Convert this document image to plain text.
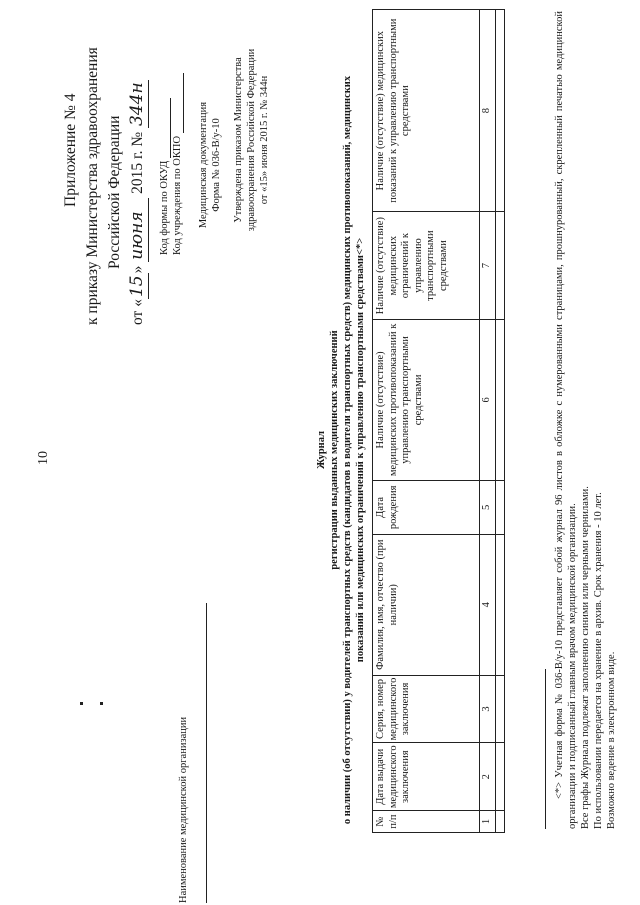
10
Приложение № 4 к приказу Министерства здравоохранения Российской Федерации
от «15» июня 2015 г. № 344н
Код формы по ОКУД Код учреждения по ОКПО Медицинская документация Форма № 036-В/у-10 Утверждена приказом Министерства здравоохранения Российской Федерации от «15» июня 2015 г. № 344н
Наименование медицинской организации
Журнал регистрации выданных медицинских заключений о наличии (об отсутствии) у водителей транспортных средств (кандидатов в водители транспортных средств) медицинских противопоказаний, медицинских показаний или медицинских ограничений к управлению транспортными средствами<*>
№ п/п	Дата выдачи медицинского заключения	Серия, номер медицинского заключения	Фамилия, имя, отчество (при наличии)	Дата рождения	Наличие (отсутствие) медицинских противопоказаний к управлению транспортными средствами	Наличие (отсутствие) медицинских ограничений к управлению транспортными средствами	Наличие (отсутствие) медицинских показаний к управлению транспортными средствами
1	2	3	4	5	6	7	8
								<*> Учетная форма № 036-В/у-10 представляет собой журнал 96 листов в обложке с нумерованными страницами, прошнурованный, скрепленный печатью медицинской организации и подписанный главным врачом медицинской организации. Все графы Журнала подлежат заполнению синими или черными чернилами. По использовании передается на хранение в архив. Срок хранения - 10 лет. Возможно ведение в электронном виде.
